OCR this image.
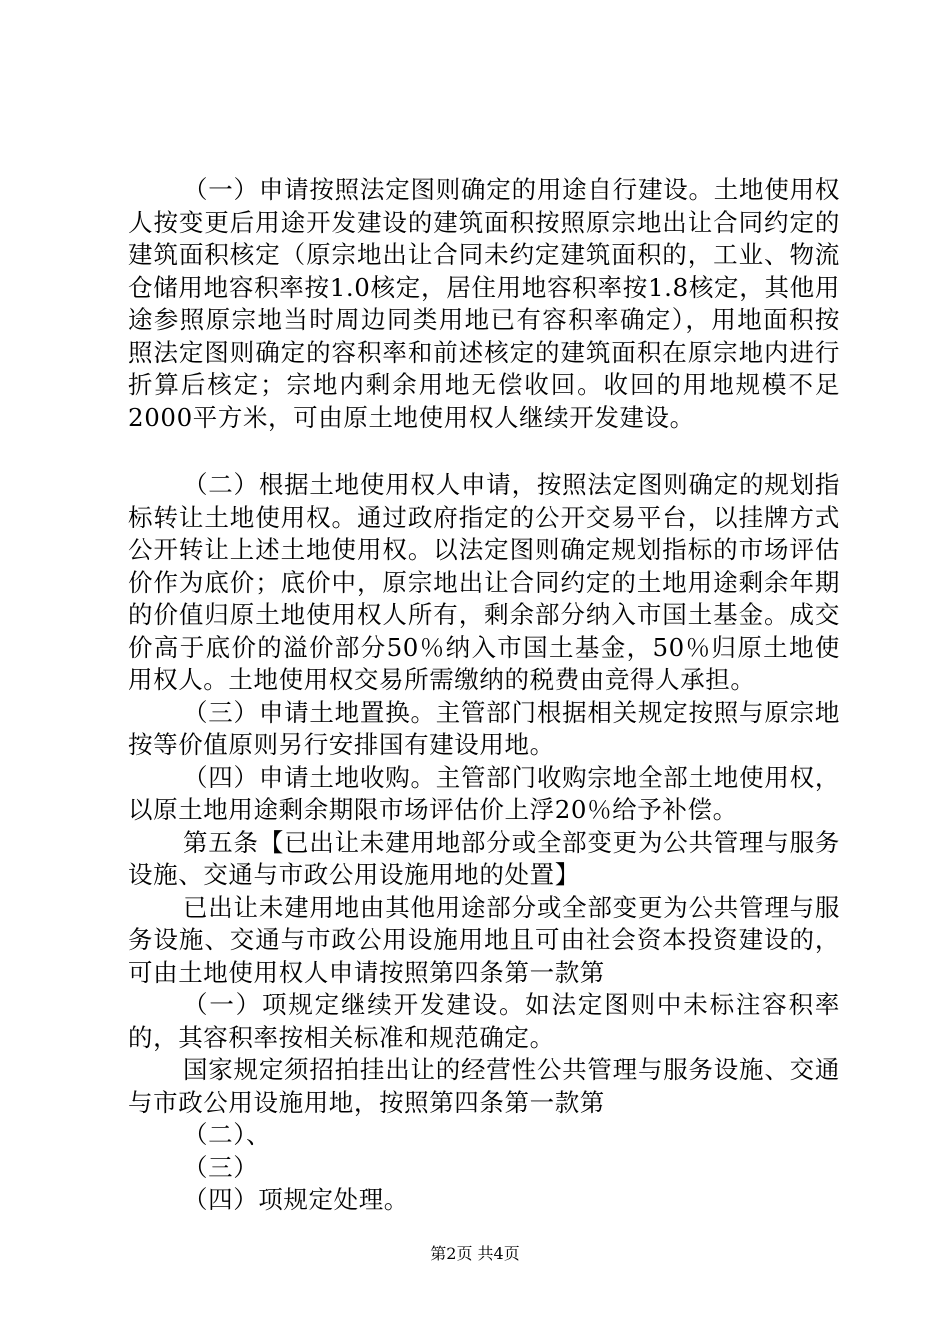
（一）申请按照法定图则确定的用途自行建设。土地使用权人按变更后用途开发建设的建筑面积按照原宗地出让合同约定的建筑面积核定（原宗地出让合同未约定建筑面积的，工业、物流仓储用地容积率按1.0核定，居住用地容积率按1.8核定，其他用途参照原宗地当时周边同类用地已有容积率确定），用地面积按照法定图则确定的容积率和前述核定的建筑面积在原宗地内进行折算后核定；宗地内剩余用地无偿收回。收回的用地规模不足2000平方米，可由原土地使用权人继续开发建设。

（二）根据土地使用权人申请，按照法定图则确定的规划指标转让土地使用权。通过政府指定的公开交易平台，以挂牌方式公开转让上述土地使用权。以法定图则确定规划指标的市场评估价作为底价；底价中，原宗地出让合同约定的土地用途剩余年期的价值归原土地使用权人所有，剩余部分纳入市国土基金。成交价高于底价的溢价部分50％纳入市国土基金，50％归原土地使用权人。土地使用权交易所需缴纳的税费由竞得人承担。

（三）申请土地置换。主管部门根据相关规定按照与原宗地按等价值原则另行安排国有建设用地。

（四）申请土地收购。主管部门收购宗地全部土地使用权，以原土地用途剩余期限市场评估价上浮20％给予补偿。

第五条【已出让未建用地部分或全部变更为公共管理与服务设施、交通与市政公用设施用地的处置】

已出让未建用地由其他用途部分或全部变更为公共管理与服务设施、交通与市政公用设施用地且可由社会资本投资建设的，可由土地使用权人申请按照第四条第一款第

（一）项规定继续开发建设。如法定图则中未标注容积率的，其容积率按相关标准和规范确定。

国家规定须招拍挂出让的经营性公共管理与服务设施、交通与市政公用设施用地，按照第四条第一款第

（二）、

（三）

（四）项规定处理。

第2页 共4页
